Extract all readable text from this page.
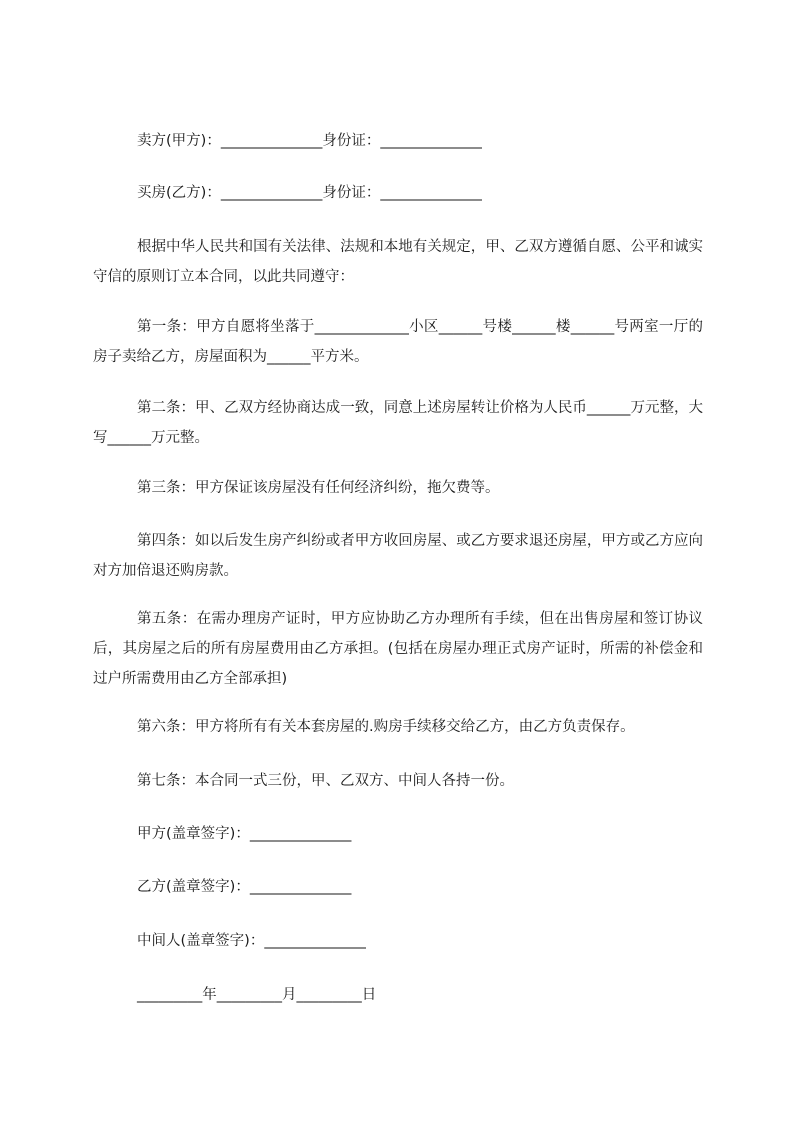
卖方(甲方)：______________身份证：______________

买房(乙方)：______________身份证：______________

根据中华人民共和国有关法律、法规和本地有关规定，甲、乙双方遵循自愿、公平和诚实守信的原则订立本合同，以此共同遵守：

第一条：甲方自愿将坐落于_____________小区______号楼______楼______号两室一厅的房子卖给乙方，房屋面积为______平方米。

第二条：甲、乙双方经协商达成一致，同意上述房屋转让价格为人民币______万元整，大写______万元整。

第三条：甲方保证该房屋没有任何经济纠纷，拖欠费等。

第四条：如以后发生房产纠纷或者甲方收回房屋、或乙方要求退还房屋，甲方或乙方应向对方加倍退还购房款。

第五条：在需办理房产证时，甲方应协助乙方办理所有手续，但在出售房屋和签订协议后，其房屋之后的所有房屋费用由乙方承担。(包括在房屋办理正式房产证时，所需的补偿金和过户所需费用由乙方全部承担)

第六条：甲方将所有有关本套房屋的.购房手续移交给乙方，由乙方负责保存。

第七条：本合同一式三份，甲、乙双方、中间人各持一份。

甲方(盖章签字)：______________

乙方(盖章签字)：______________

中间人(盖章签字)：______________

_________年_________月_________日
